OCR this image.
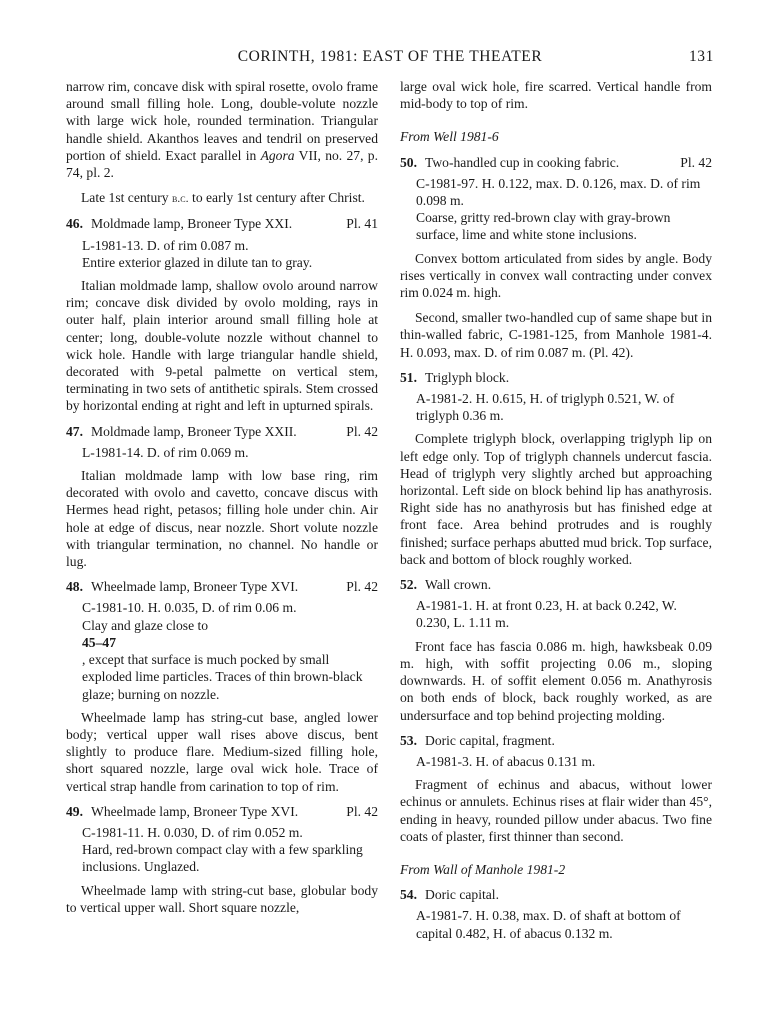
CORINTH, 1981: EAST OF THE THEATER	131

narrow rim, concave disk with spiral rosette, ovolo frame around small filling hole. Long, double-volute nozzle with large wick hole, rounded termination. Triangular handle shield. Akanthos leaves and tendril on preserved portion of shield. Exact parallel in Agora VII, no. 27, p. 74, pl. 2.

Late 1st century b.c. to early 1st century after Christ.

46. Moldmade lamp, Broneer Type XXI.	Pl. 41
L-1981-13. D. of rim 0.087 m.
Entire exterior glazed in dilute tan to gray.

Italian moldmade lamp, shallow ovolo around narrow rim; concave disk divided by ovolo molding, rays in outer half, plain interior around small filling hole at center; long, double-volute nozzle without channel to wick hole. Handle with large triangular handle shield, decorated with 9-petal palmette on vertical stem, terminating in two sets of antithetic spirals. Stem crossed by horizontal ending at right and left in upturned spirals.

47. Moldmade lamp, Broneer Type XXII.	Pl. 42
L-1981-14. D. of rim 0.069 m.

Italian moldmade lamp with low base ring, rim decorated with ovolo and cavetto, concave discus with Hermes head right, petasos; filling hole under chin. Air hole at edge of discus, near nozzle. Short volute nozzle with triangular termination, no channel. No handle or lug.

48. Wheelmade lamp, Broneer Type XVI.	Pl. 42
C-1981-10. H. 0.035, D. of rim 0.06 m.
Clay and glaze close to
45–47
, except that surface is much pocked by small exploded lime particles. Traces of thin brown-black glaze; burning on nozzle.

Wheelmade lamp has string-cut base, angled lower body; vertical upper wall rises above discus, bent slightly to produce flare. Medium-sized filling hole, short squared nozzle, large oval wick hole. Trace of vertical strap handle from carination to top of rim.

49. Wheelmade lamp, Broneer Type XVI.	Pl. 42
C-1981-11. H. 0.030, D. of rim 0.052 m.
Hard, red-brown compact clay with a few sparkling inclusions. Unglazed.

Wheelmade lamp with string-cut base, globular body to vertical upper wall. Short square nozzle,

large oval wick hole, fire scarred. Vertical handle from mid-body to top of rim.

From Well 1981-6
50. Two-handled cup in cooking fabric.	Pl. 42
C-1981-97. H. 0.122, max. D. 0.126, max. D. of rim 0.098 m.
Coarse, gritty red-brown clay with gray-brown surface, lime and white stone inclusions.

Convex bottom articulated from sides by angle. Body rises vertically in convex wall contracting under convex rim 0.024 m. high.

Second, smaller two-handled cup of same shape but in thin-walled fabric, C-1981-125, from Manhole 1981-4. H. 0.093, max. D. of rim 0.087 m. (Pl. 42).

51. Triglyph block.
A-1981-2. H. 0.615, H. of triglyph 0.521, W. of triglyph 0.36 m.

Complete triglyph block, overlapping triglyph lip on left edge only. Top of triglyph channels undercut fascia. Head of triglyph very slightly arched but approaching horizontal. Left side on block behind lip has anathyrosis. Right side has no anathyrosis but has finished edge at front face. Area behind protrudes and is roughly finished; surface perhaps abutted mud brick. Top surface, back and bottom of block roughly worked.

52. Wall crown.
A-1981-1. H. at front 0.23, H. at back 0.242, W. 0.230, L. 1.11 m.

Front face has fascia 0.086 m. high, hawksbeak 0.09 m. high, with soffit projecting 0.06 m., sloping downwards. H. of soffit element 0.056 m. Anathyrosis on both ends of block, back roughly worked, as are undersurface and top behind projecting molding.

53. Doric capital, fragment.
A-1981-3. H. of abacus 0.131 m.

Fragment of echinus and abacus, without lower echinus or annulets. Echinus rises at flair wider than 45°, ending in heavy, rounded pillow under abacus. Two fine coats of plaster, first thinner than second.

From Wall of Manhole 1981-2
54. Doric capital.
A-1981-7. H. 0.38, max. D. of shaft at bottom of capital 0.482, H. of abacus 0.132 m.
